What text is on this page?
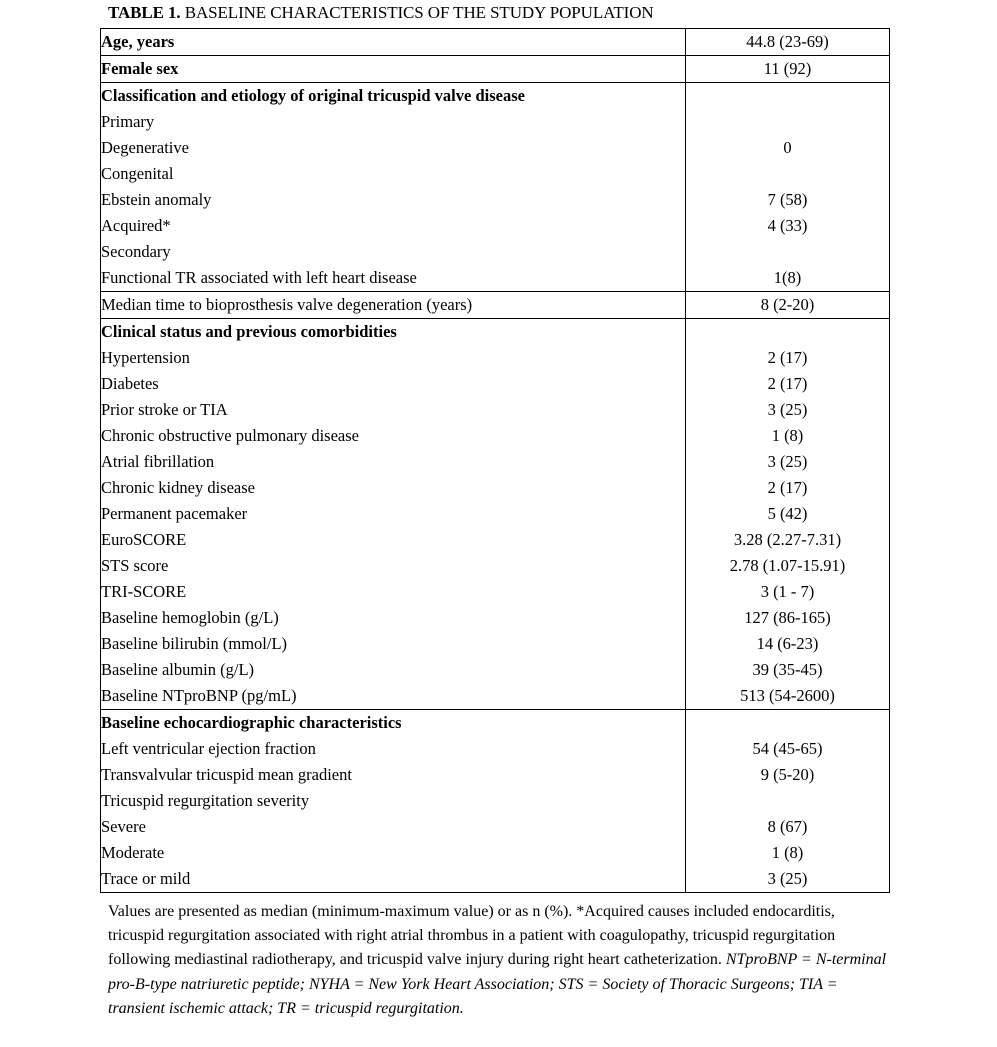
TABLE 1. BASELINE CHARACTERISTICS OF THE STUDY POPULATION
Age, years	44.8 (23-69)
Female sex	11 (92)
Classification and etiology of original tricuspid valve disease	
Primary	
Degenerative	0
Congenital	
Ebstein anomaly	7 (58)
Acquired*	4 (33)
Secondary	
Functional TR associated with left heart disease	1(8)
Median time to bioprosthesis valve degeneration (years)	8 (2-20)
Clinical status and previous comorbidities	
Hypertension	2 (17)
Diabetes	2 (17)
Prior stroke or TIA	3 (25)
Chronic obstructive pulmonary disease	1 (8)
Atrial fibrillation	3 (25)
Chronic kidney disease	2 (17)
Permanent pacemaker	5 (42)
EuroSCORE	3.28 (2.27-7.31)
STS score	2.78 (1.07-15.91)
TRI-SCORE	3 (1 - 7)
Baseline hemoglobin (g/L)	127 (86-165)
Baseline bilirubin (mmol/L)	14 (6-23)
Baseline albumin (g/L)	39 (35-45)
Baseline NTproBNP (pg/mL)	513 (54-2600)
Baseline echocardiographic characteristics	
Left ventricular ejection fraction	54 (45-65)
Transvalvular tricuspid mean gradient	9 (5-20)
Tricuspid regurgitation severity	
Severe	8 (67)
Moderate	1 (8)
Trace or mild	3 (25)
Values are presented as median (minimum-maximum value) or as n (%). *Acquired causes included endocarditis, tricuspid regurgitation associated with right atrial thrombus in a patient with coagulopathy, tricuspid regurgitation following mediastinal radiotherapy, and tricuspid valve injury during right heart catheterization. NTproBNP = N-terminal pro-B-type natriuretic peptide; NYHA = New York Heart Association; STS = Society of Thoracic Surgeons; TIA = transient ischemic attack; TR = tricuspid regurgitation.
